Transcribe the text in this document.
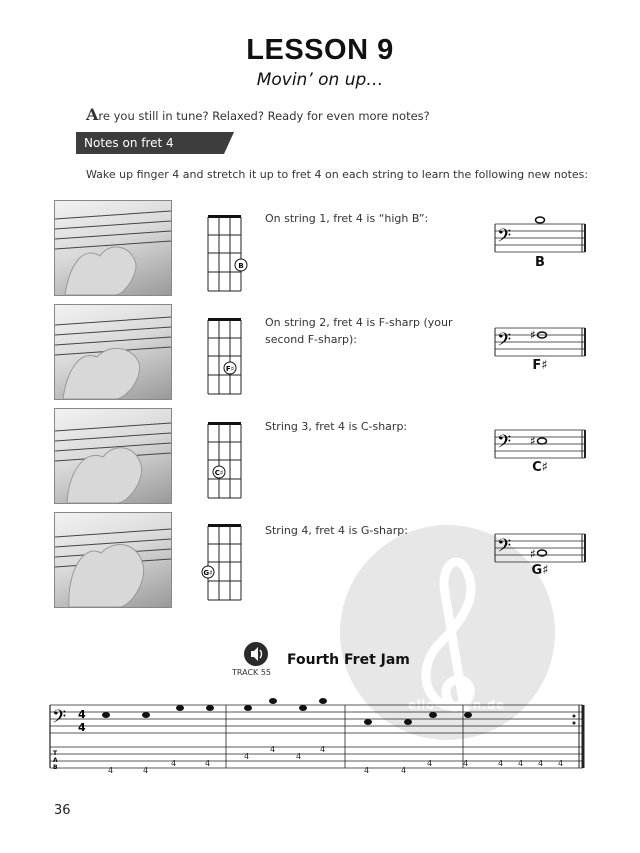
ello-noten.de
LESSON 9
Movin’ on up…
Are you still in tune? Relaxed? Ready for even more notes?
Notes on fret 4
Wake up finger 4 and stretch it up to fret 4 on each string to learn the following new notes:
B
On string 1, fret 4 is “high B”:
𝄢
B
F♯
On string 2, fret 4 is F-sharp (your second F-sharp):	𝄢 ♯
F♯
C♯
String 3, fret 4 is C-sharp:
𝄢 ♯
C♯
G♯
String 4, fret 4 is G-sharp:
𝄢 ♯
G♯
TRACK 55
Fourth Fret Jam
𝄢 4
4
T
A
B	4	4
4	4
4
4
4
4
4	4
4	4	4 4 4 4
36
